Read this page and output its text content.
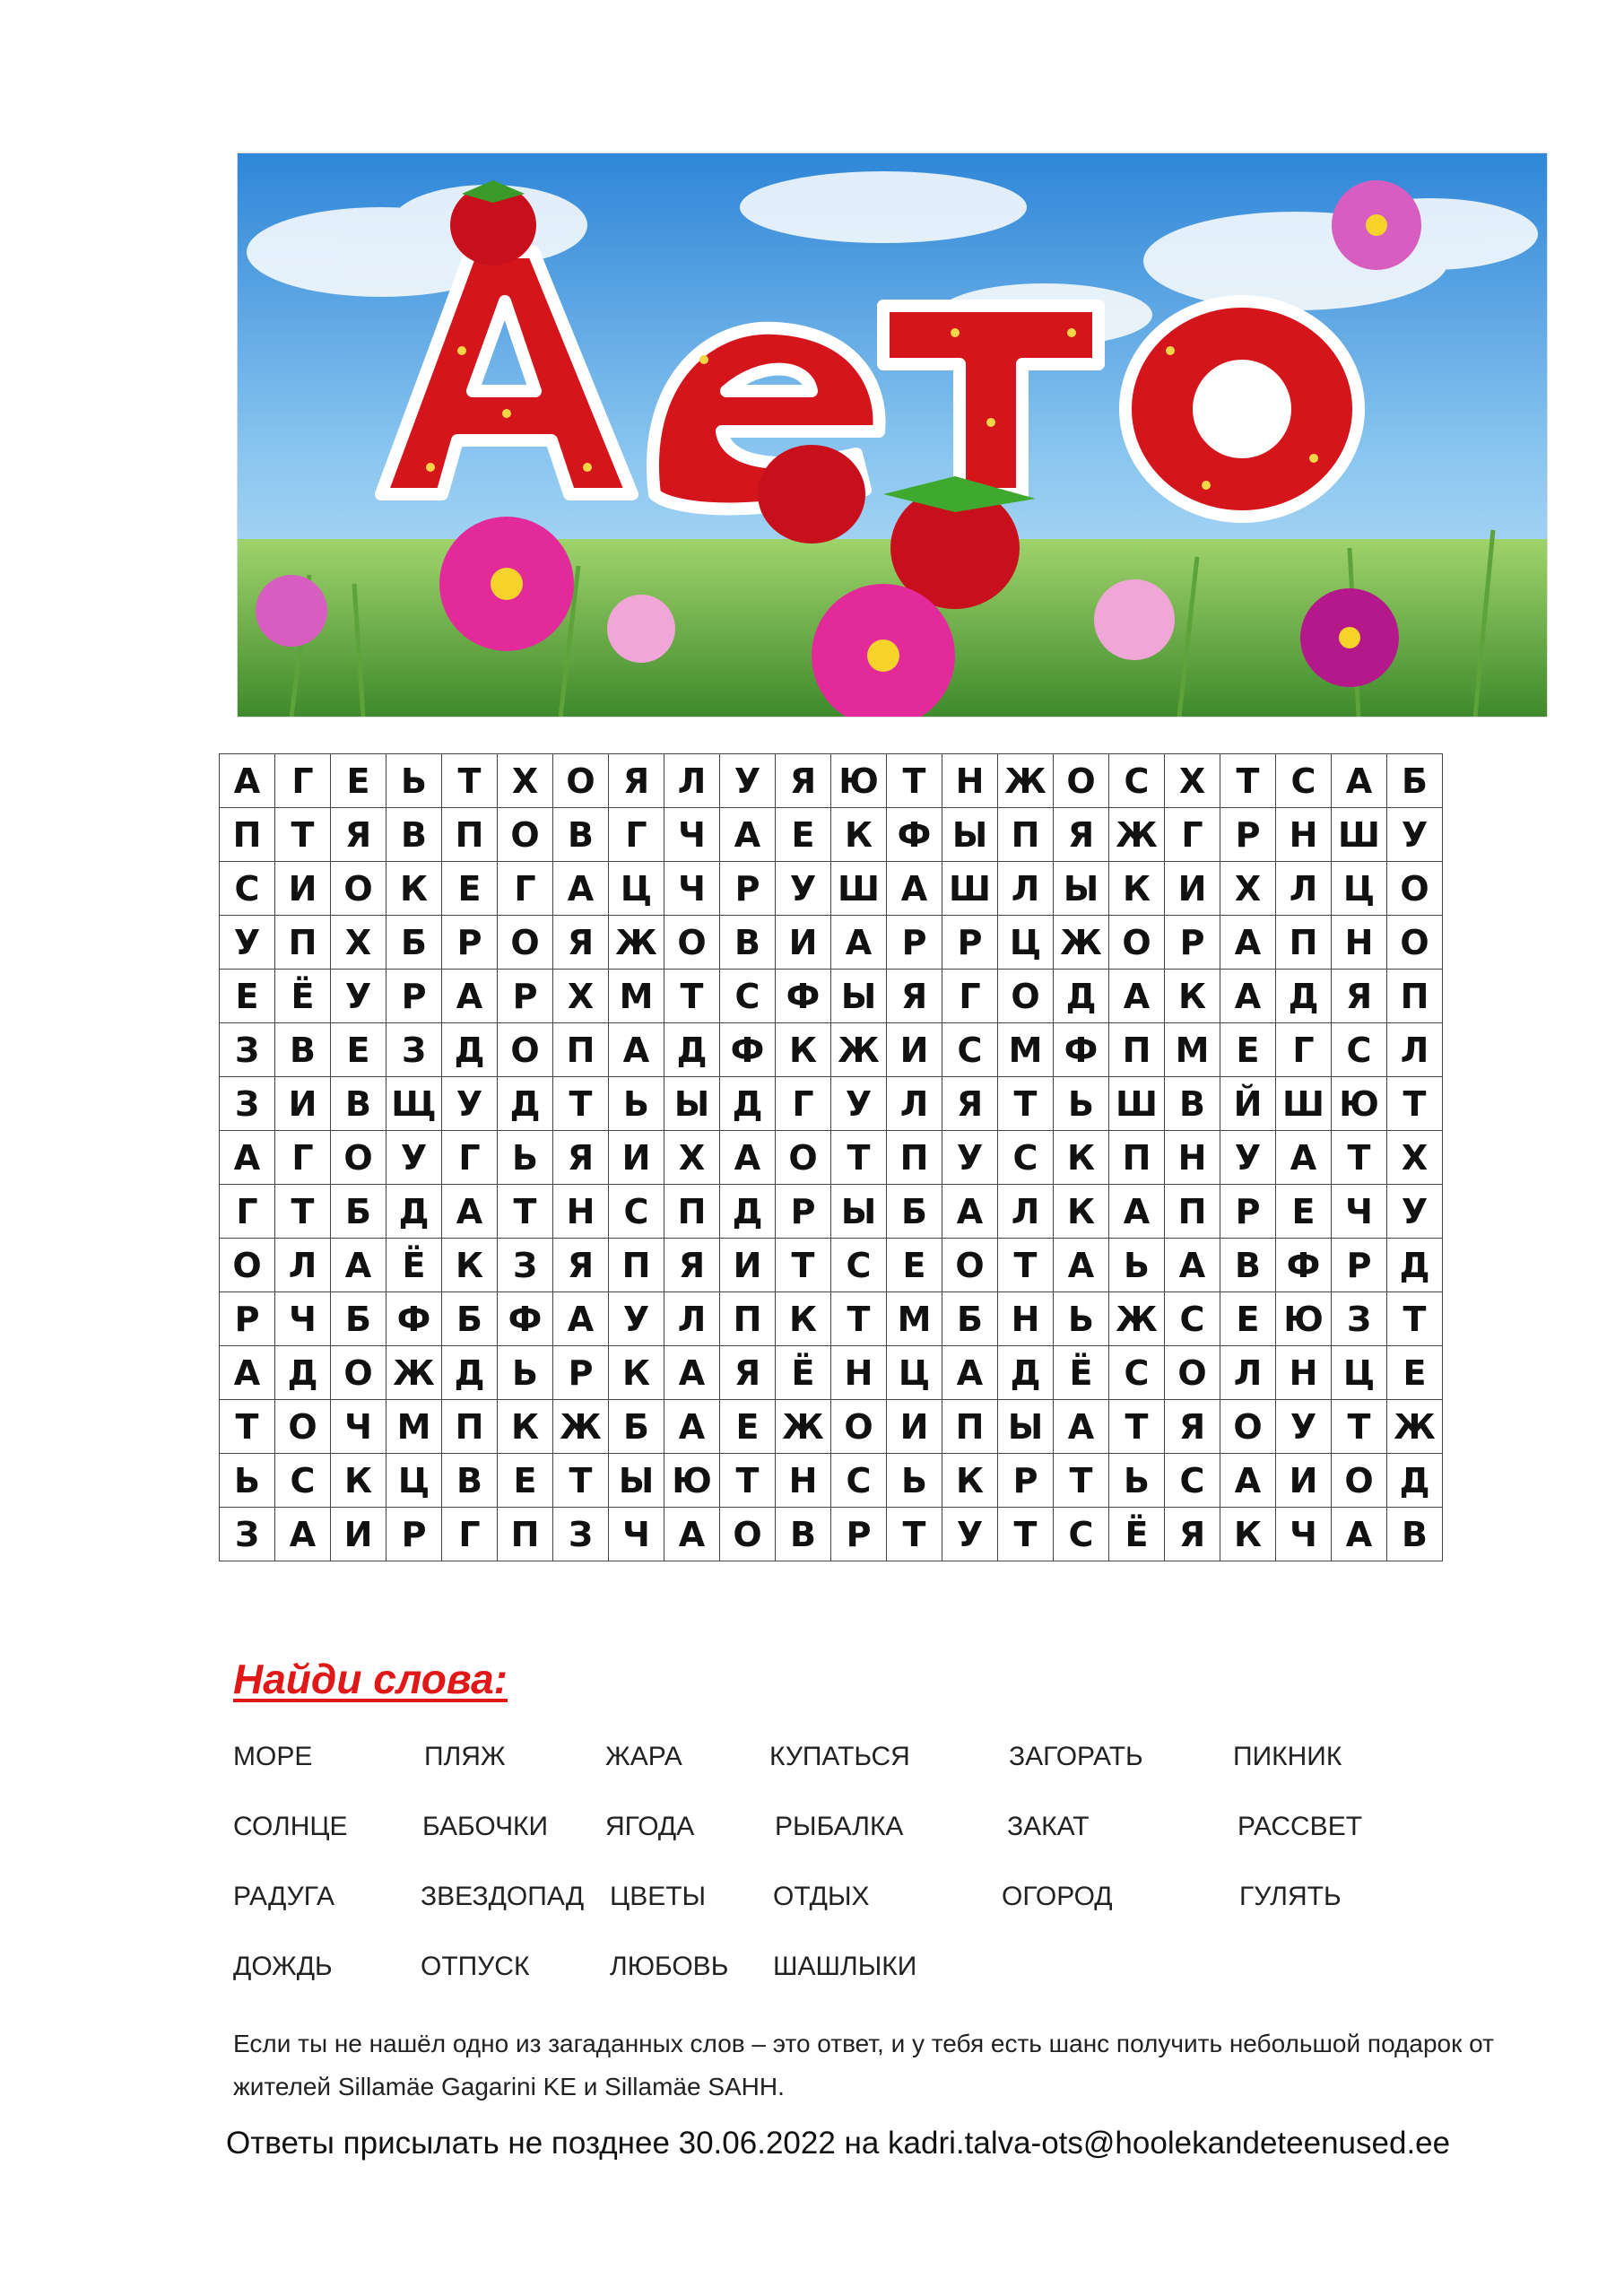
А	Г	Е	Ь	Т	Х	О	Я	Л	У	Я	Ю	Т	Н	Ж	О	С	Х	Т	С	А	Б
П	Т	Я	В	П	О	В	Г	Ч	А	Е	К	Ф	Ы	П	Я	Ж	Г	Р	Н	Ш	У
С	И	О	К	Е	Г	А	Ц	Ч	Р	У	Ш	А	Ш	Л	Ы	К	И	Х	Л	Ц	О
У	П	Х	Б	Р	О	Я	Ж	О	В	И	А	Р	Р	Ц	Ж	О	Р	А	П	Н	О
Е	Ё	У	Р	А	Р	Х	М	Т	С	Ф	Ы	Я	Г	О	Д	А	К	А	Д	Я	П
З	В	Е	З	Д	О	П	А	Д	Ф	К	Ж	И	С	М	Ф	П	М	Е	Г	С	Л
З	И	В	Щ	У	Д	Т	Ь	Ы	Д	Г	У	Л	Я	Т	Ь	Ш	В	Й	Ш	Ю	Т
А	Г	О	У	Г	Ь	Я	И	Х	А	О	Т	П	У	С	К	П	Н	У	А	Т	Х
Г	Т	Б	Д	А	Т	Н	С	П	Д	Р	Ы	Б	А	Л	К	А	П	Р	Е	Ч	У
О	Л	А	Ё	К	З	Я	П	Я	И	Т	С	Е	О	Т	А	Ь	А	В	Ф	Р	Д
Р	Ч	Б	Ф	Б	Ф	А	У	Л	П	К	Т	М	Б	Н	Ь	Ж	С	Е	Ю	З	Т
А	Д	О	Ж	Д	Ь	Р	К	А	Я	Ё	Н	Ц	А	Д	Ё	С	О	Л	Н	Ц	Е
Т	О	Ч	М	П	К	Ж	Б	А	Е	Ж	О	И	П	Ы	А	Т	Я	О	У	Т	Ж
Ь	С	К	Ц	В	Е	Т	Ы	Ю	Т	Н	С	Ь	К	Р	Т	Ь	С	А	И	О	Д
З	А	И	Р	Г	П	З	Ч	А	О	В	Р	Т	У	Т	С	Ё	Я	К	Ч	А	В
Найди слова:
МОРЕ	ПЛЯЖ	ЖАРА	КУПАТЬСЯ	ЗАГОРАТЬ	ПИКНИК
СОЛНЦЕ	БАБОЧКИ ЯГОДА	РЫБАЛКА	ЗАКАТ	РАССВЕТ
РАДУГА	ЗВЕЗДОПАД ЦВЕТЫ ОТДЫХ	ОГОРОД	ГУЛЯТЬ
ДОЖДЬ	ОТПУСК	ЛЮБОВЬ ШАШЛЫКИ
Если ты не нашёл одно из загаданных слов – это ответ, и у тебя есть шанс получить небольшой подарок от жителей Sillamäe Gagarini KE и Sillamäe SAHH.
Ответы присылать не позднее 30.06.2022 на kadri.talva-ots@hoolekandeteenused.ee
